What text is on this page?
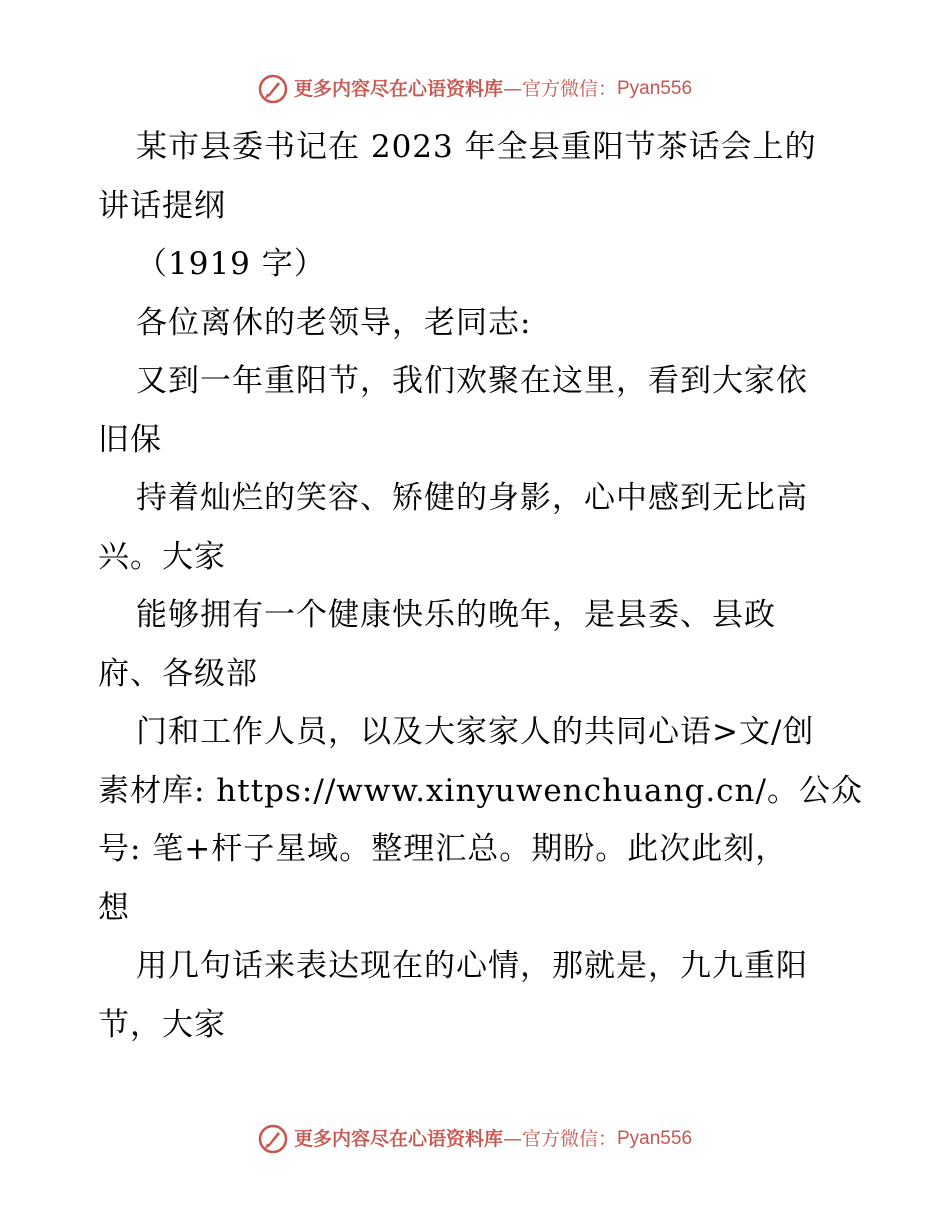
更多内容尽在心语资料库 — 官方微信： Pyan556
某市县委书记在 2023 年全县重阳节茶话会上的
讲话提纲
（1919 字）
各位离休的老领导，老同志:
又到一年重阳节，我们欢聚在这里，看到大家依
旧保
持着灿烂的笑容、矫健的身影，心中感到无比高
兴。大家
能够拥有一个健康快乐的晚年，是县委、县政
府、各级部
门和工作人员，以及大家家人的共同心语>文/创
素材库: https://www.xinyuwenchuang.cn/。公众
号: 笔+杆子星域。整理汇总。期盼。此次此刻，
想
用几句话来表达现在的心情，那就是，九九重阳
节，大家
更多内容尽在心语资料库 — 官方微信： Pyan556
